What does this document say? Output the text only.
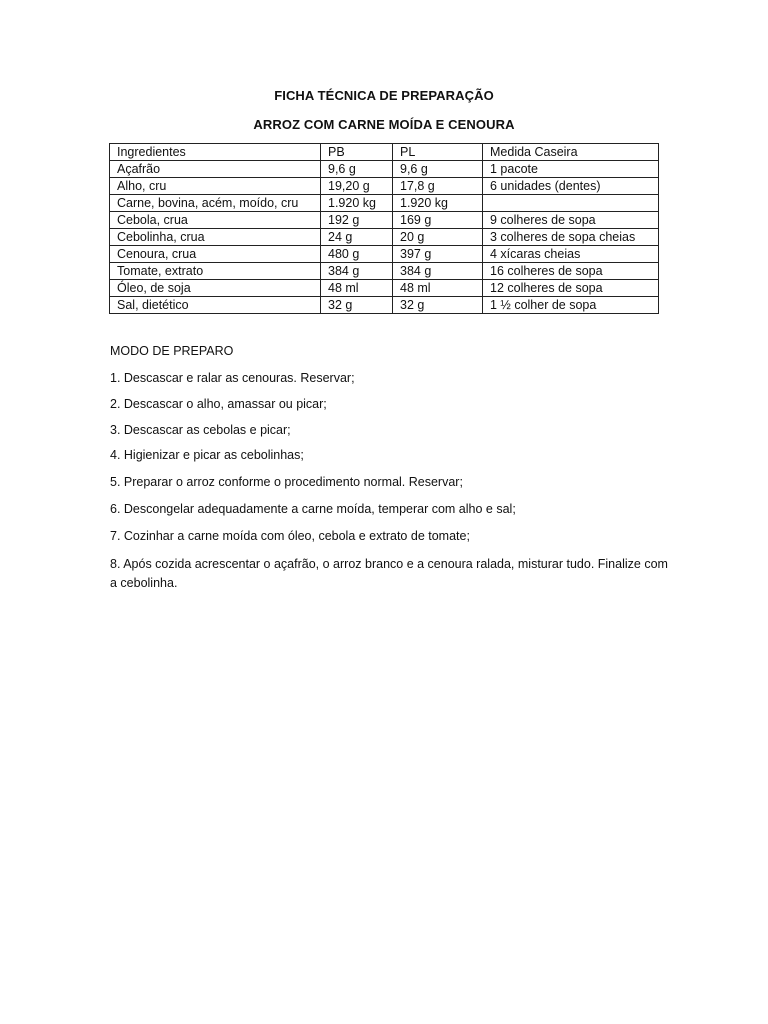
FICHA TÉCNICA DE PREPARAÇÃO
ARROZ COM CARNE MOÍDA E CENOURA
Ingredientes	PB	PL	Medida Caseira
Açafrão	9,6 g	9,6 g	1 pacote
Alho, cru	19,20 g	17,8 g	6 unidades (dentes)
Carne, bovina, acém, moído, cru	1.920 kg	1.920 kg	
Cebola, crua	192 g	169 g	9 colheres de sopa
Cebolinha, crua	24 g	20 g	3 colheres de sopa cheias
Cenoura, crua	480 g	397 g	4 xícaras cheias
Tomate, extrato	384 g	384 g	16 colheres de sopa
Óleo, de soja	48 ml	48 ml	12 colheres de sopa
Sal, dietético	32 g	32 g	1 ½ colher de sopa
MODO DE PREPARO
1. Descascar e ralar as cenouras. Reservar;
2. Descascar o alho, amassar ou picar;
3. Descascar as cebolas e picar;
4. Higienizar e picar as cebolinhas;
5. Preparar o arroz conforme o procedimento normal. Reservar;
6. Descongelar adequadamente a carne moída, temperar com alho e sal;
7. Cozinhar a carne moída com óleo, cebola e extrato de tomate;
8. Após cozida acrescentar o açafrão, o arroz branco e a cenoura ralada, misturar tudo. Finalize com a cebolinha.
